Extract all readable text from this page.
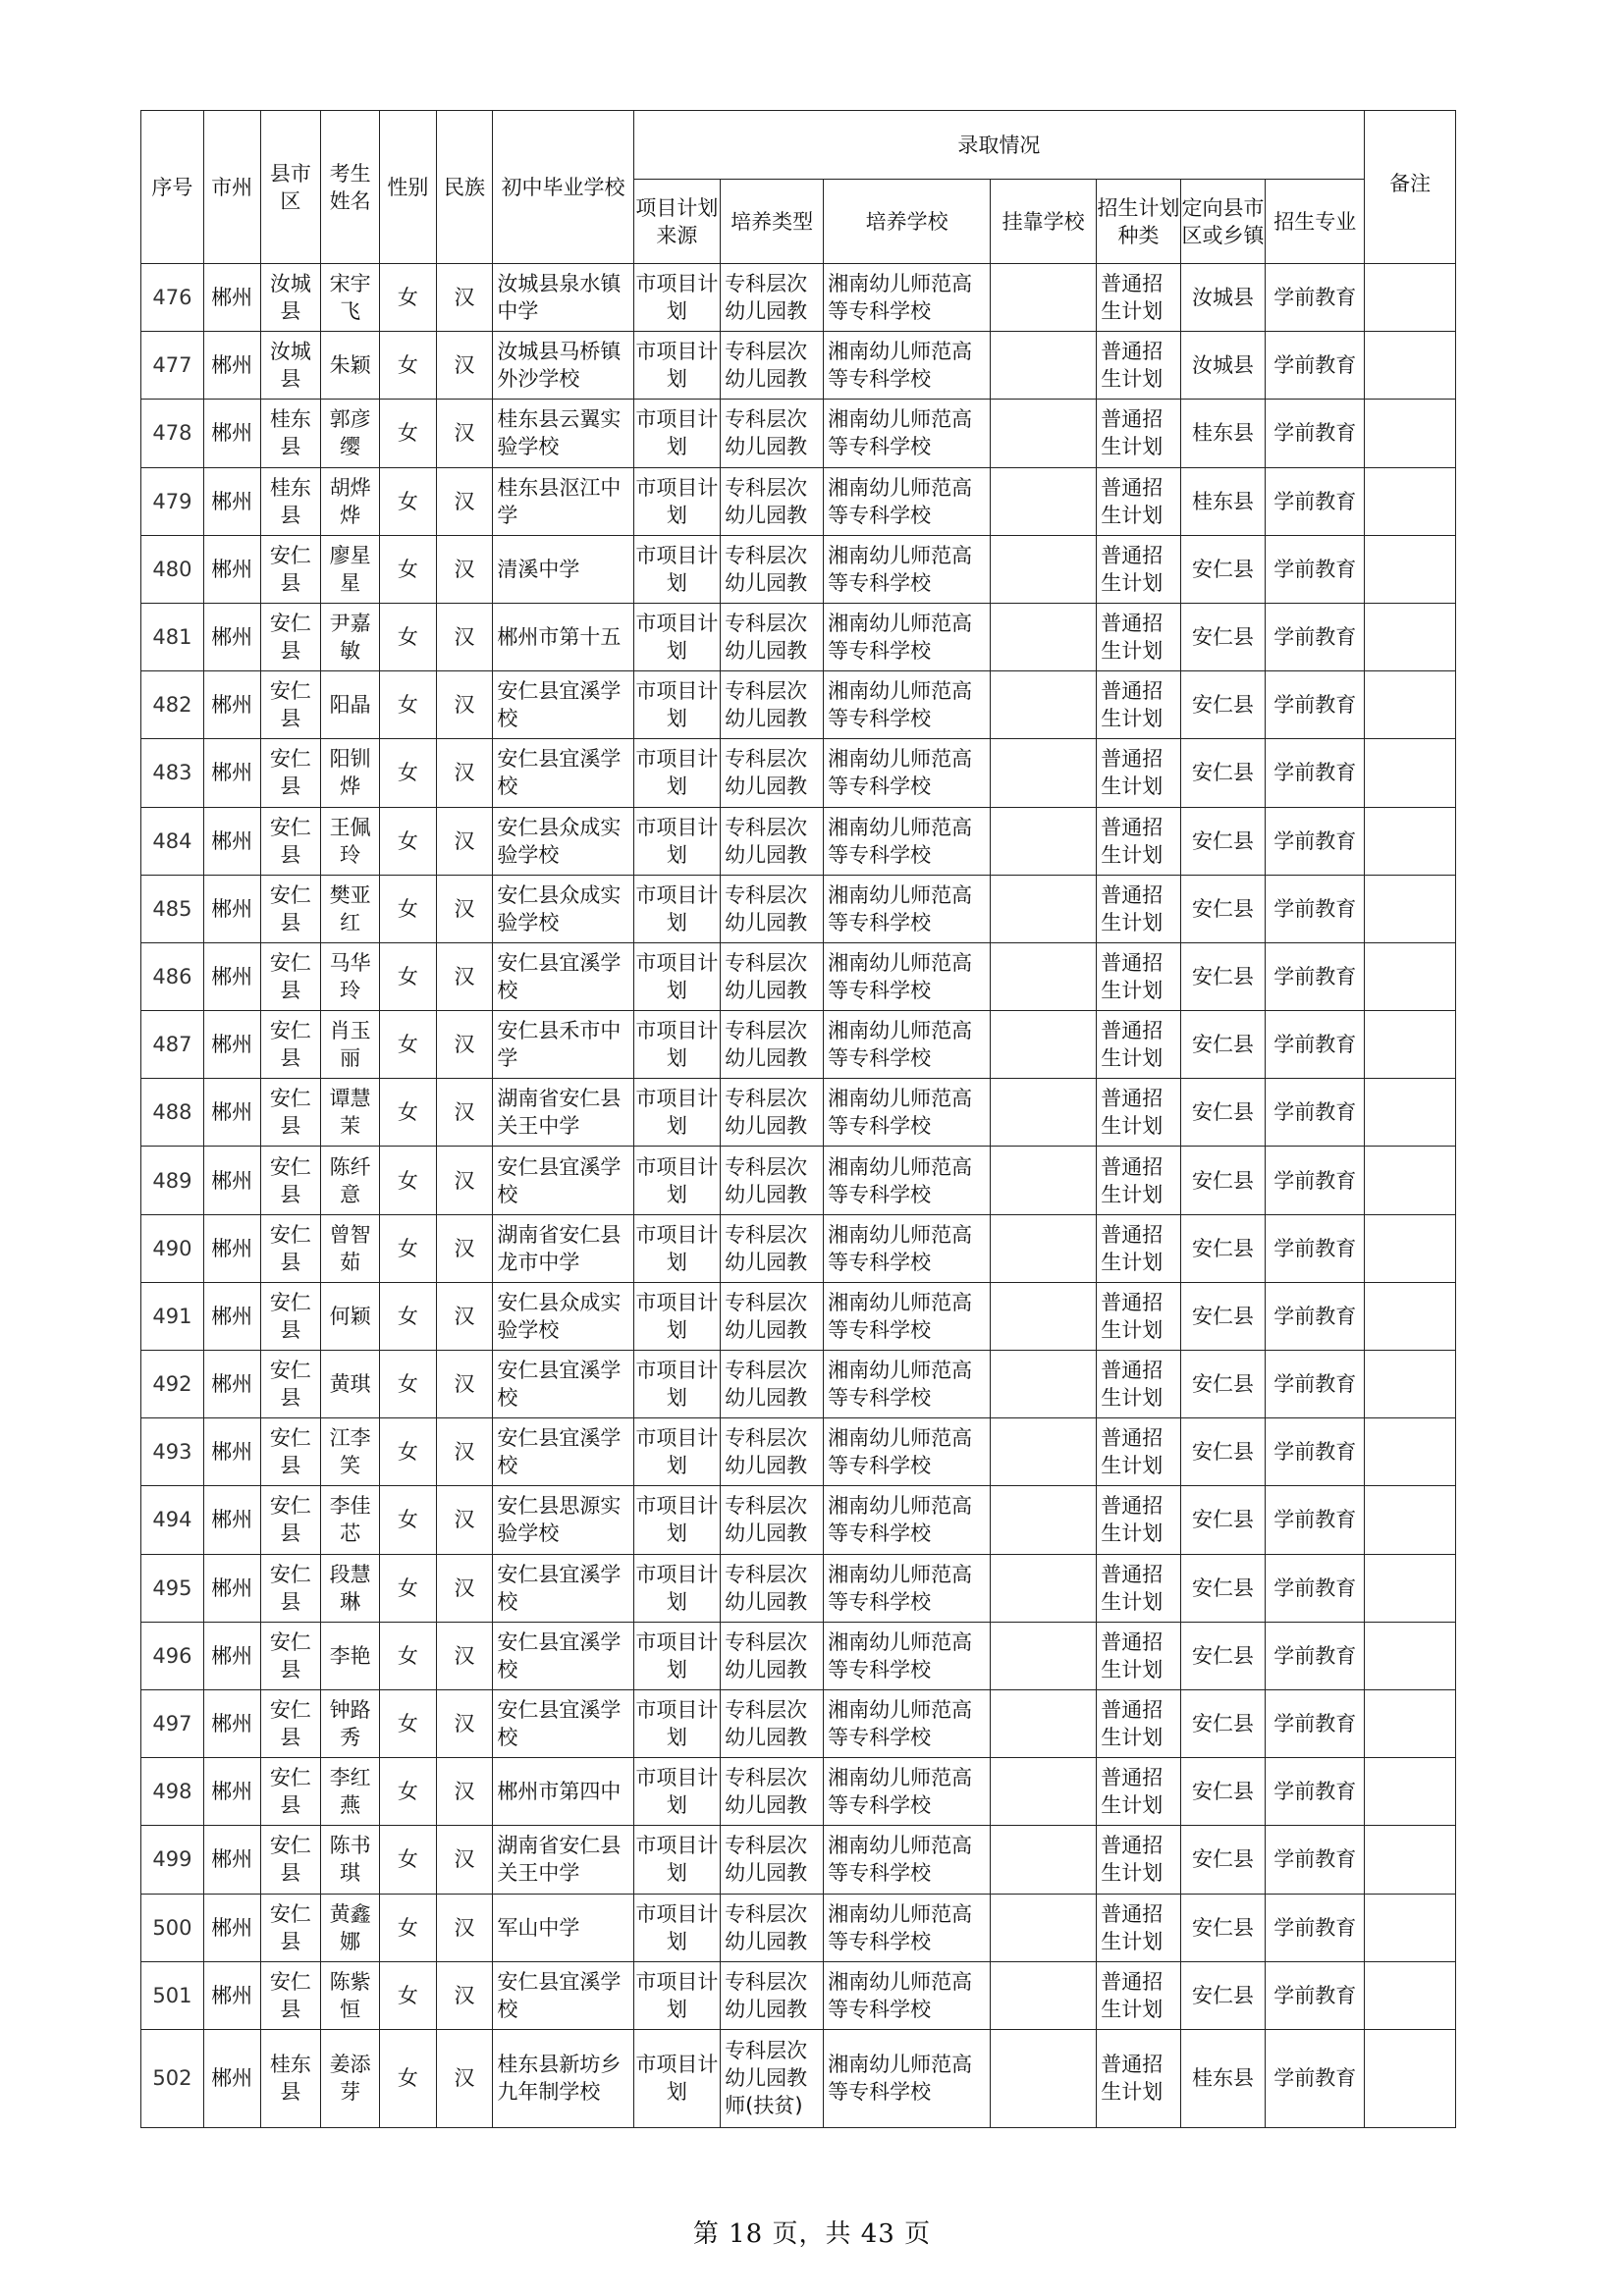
序号	市州	县市区	考生姓名	性别	民族	初中毕业学校	录取情况							备注
							项目计划来源	培养类型	培养学校	挂靠学校	招生计划种类	定向县市区或乡镇	招生专业	
476	郴州	汝城县	宋宇飞	女	汉	汝城县泉水镇中学	市项目计划	专科层次幼儿园教	湘南幼儿师范高等专科学校		普通招生计划	汝城县	学前教育	
477	郴州	汝城县	朱颖	女	汉	汝城县马桥镇外沙学校	市项目计划	专科层次幼儿园教	湘南幼儿师范高等专科学校		普通招生计划	汝城县	学前教育	
478	郴州	桂东县	郭彦缨	女	汉	桂东县云翼实验学校	市项目计划	专科层次幼儿园教	湘南幼儿师范高等专科学校		普通招生计划	桂东县	学前教育	
479	郴州	桂东县	胡烨烨	女	汉	桂东县沤江中学	市项目计划	专科层次幼儿园教	湘南幼儿师范高等专科学校		普通招生计划	桂东县	学前教育	
480	郴州	安仁县	廖星星	女	汉	清溪中学	市项目计划	专科层次幼儿园教	湘南幼儿师范高等专科学校		普通招生计划	安仁县	学前教育	
481	郴州	安仁县	尹嘉敏	女	汉	郴州市第十五	市项目计划	专科层次幼儿园教	湘南幼儿师范高等专科学校		普通招生计划	安仁县	学前教育	
482	郴州	安仁县	阳晶	女	汉	安仁县宜溪学校	市项目计划	专科层次幼儿园教	湘南幼儿师范高等专科学校		普通招生计划	安仁县	学前教育	
483	郴州	安仁县	阳钏烨	女	汉	安仁县宜溪学校	市项目计划	专科层次幼儿园教	湘南幼儿师范高等专科学校		普通招生计划	安仁县	学前教育	
484	郴州	安仁县	王佩玲	女	汉	安仁县众成实验学校	市项目计划	专科层次幼儿园教	湘南幼儿师范高等专科学校		普通招生计划	安仁县	学前教育	
485	郴州	安仁县	樊亚红	女	汉	安仁县众成实验学校	市项目计划	专科层次幼儿园教	湘南幼儿师范高等专科学校		普通招生计划	安仁县	学前教育	
486	郴州	安仁县	马华玲	女	汉	安仁县宜溪学校	市项目计划	专科层次幼儿园教	湘南幼儿师范高等专科学校		普通招生计划	安仁县	学前教育	
487	郴州	安仁县	肖玉丽	女	汉	安仁县禾市中学	市项目计划	专科层次幼儿园教	湘南幼儿师范高等专科学校		普通招生计划	安仁县	学前教育	
488	郴州	安仁县	谭慧茉	女	汉	湖南省安仁县关王中学	市项目计划	专科层次幼儿园教	湘南幼儿师范高等专科学校		普通招生计划	安仁县	学前教育	
489	郴州	安仁县	陈纤意	女	汉	安仁县宜溪学校	市项目计划	专科层次幼儿园教	湘南幼儿师范高等专科学校		普通招生计划	安仁县	学前教育	
490	郴州	安仁县	曾智茹	女	汉	湖南省安仁县龙市中学	市项目计划	专科层次幼儿园教	湘南幼儿师范高等专科学校		普通招生计划	安仁县	学前教育	
491	郴州	安仁县	何颖	女	汉	安仁县众成实验学校	市项目计划	专科层次幼儿园教	湘南幼儿师范高等专科学校		普通招生计划	安仁县	学前教育	
492	郴州	安仁县	黄琪	女	汉	安仁县宜溪学校	市项目计划	专科层次幼儿园教	湘南幼儿师范高等专科学校		普通招生计划	安仁县	学前教育	
493	郴州	安仁县	江李笑	女	汉	安仁县宜溪学校	市项目计划	专科层次幼儿园教	湘南幼儿师范高等专科学校		普通招生计划	安仁县	学前教育	
494	郴州	安仁县	李佳芯	女	汉	安仁县思源实验学校	市项目计划	专科层次幼儿园教	湘南幼儿师范高等专科学校		普通招生计划	安仁县	学前教育	
495	郴州	安仁县	段慧琳	女	汉	安仁县宜溪学校	市项目计划	专科层次幼儿园教	湘南幼儿师范高等专科学校		普通招生计划	安仁县	学前教育	
496	郴州	安仁县	李艳	女	汉	安仁县宜溪学校	市项目计划	专科层次幼儿园教	湘南幼儿师范高等专科学校		普通招生计划	安仁县	学前教育	
497	郴州	安仁县	钟路秀	女	汉	安仁县宜溪学校	市项目计划	专科层次幼儿园教	湘南幼儿师范高等专科学校		普通招生计划	安仁县	学前教育	
498	郴州	安仁县	李红燕	女	汉	郴州市第四中	市项目计划	专科层次幼儿园教	湘南幼儿师范高等专科学校		普通招生计划	安仁县	学前教育	
499	郴州	安仁县	陈书琪	女	汉	湖南省安仁县关王中学	市项目计划	专科层次幼儿园教	湘南幼儿师范高等专科学校		普通招生计划	安仁县	学前教育	
500	郴州	安仁县	黄鑫娜	女	汉	军山中学	市项目计划	专科层次幼儿园教	湘南幼儿师范高等专科学校		普通招生计划	安仁县	学前教育	
501	郴州	安仁县	陈紫恒	女	汉	安仁县宜溪学校	市项目计划	专科层次幼儿园教	湘南幼儿师范高等专科学校		普通招生计划	安仁县	学前教育	
502	郴州	桂东县	姜添芽	女	汉	桂东县新坊乡九年制学校	市项目计划	专科层次幼儿园教师(扶贫)	湘南幼儿师范高等专科学校		普通招生计划	桂东县	学前教育	
第 18 页，共 43 页
